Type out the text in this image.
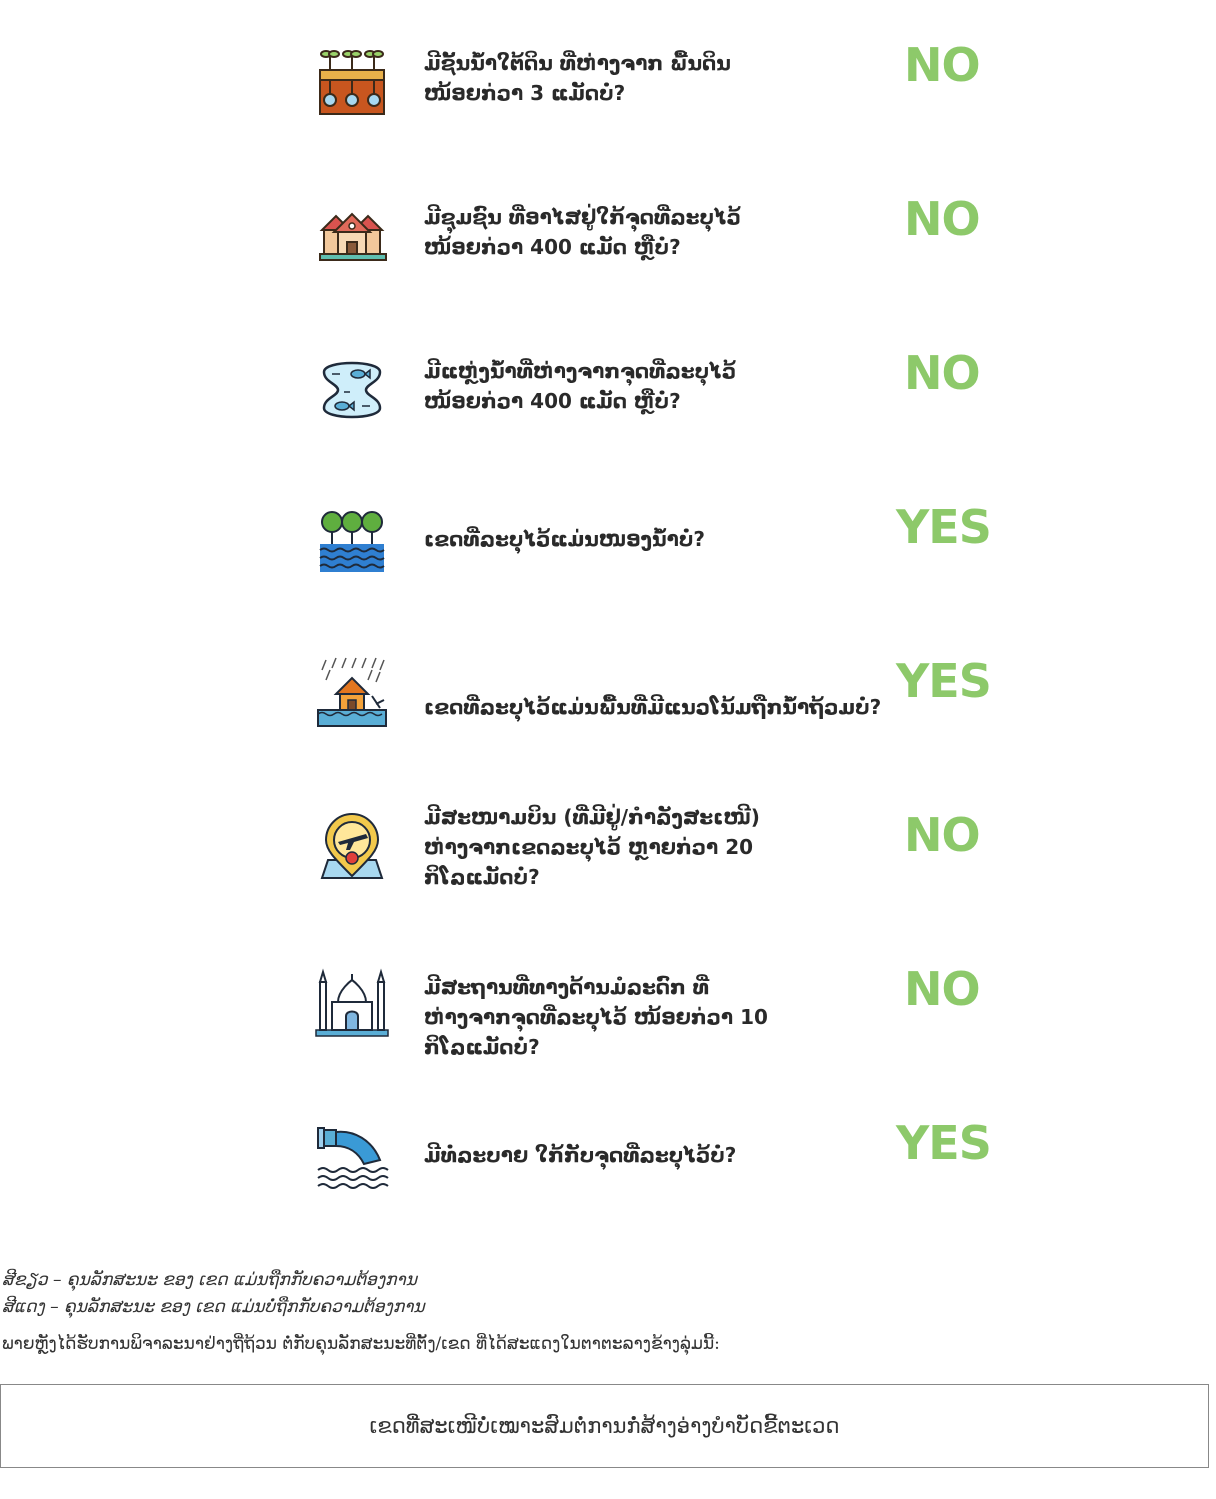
ມີຊັ້ນນ້ຳໃຕ້ດິນ ທີ່ຫ່າງຈາກ ພື້ນດິນ ໜ້ອຍກ່ວາ 3 ແມັດບໍ່?
NO
ມີຊຸມຊົນ ທີ່ອາໄສຢູ່ໃກ້ຈຸດທີ່ລະບຸໄວ້ ໜ້ອຍກ່ວາ 400 ແມັດ ຫຼືບໍ່?
NO
ມີແຫຼ່ງນ້ຳທີ່ຫ່າງຈາກຈຸດທີ່ລະບຸໄວ້ ໜ້ອຍກ່ວາ 400 ແມັດ ຫຼືບໍ່?
NO
ເຂດທີ່ລະບຸໄວ້ແມ່ນໜອງນ້ຳບໍ່?	YES
ເຂດທີ່ລະບຸໄວ້ແມ່ນພື້ນທີ່ມີແນວໂນ້ມຖືກນ້ຳຖ້ວມບໍ່? YES
ມີສະໜາມບິນ (ທີ່ມີຢູ່/ກຳລັງສະເໜີ) ຫ່າງຈາກເຂດລະບຸໄວ້ ຫຼາຍກ່ວາ 20 ກິໂລແມັດບໍ່?
NO
ມີສະຖານທີ່ທາງດ້ານມໍລະດົກ ທີ່ຫ່າງຈາກຈຸດທີ່ລະບຸໄວ້ ໜ້ອຍກ່ວາ 10 ກິໂລແມັດບໍ່?
NO
ມີທໍ່ລະບາຍ ໃກ້ກັບຈຸດທີ່ລະບຸໄວ້ບໍ່?	YES
ສີຂຽວ – ຄຸນລັກສະນະ ຂອງ ເຂດ ແມ່ນຖືກກັບຄວາມຕ້ອງການ
ສີແດງ – ຄຸນລັກສະນະ ຂອງ ເຂດ ແມ່ນບໍ່ຖືກກັບຄວາມຕ້ອງການ
ພາຍຫຼັງໄດ້ຮັບການພິຈາລະນາຢ່າງຖີ່ຖ້ວນ ຕໍ່ກັບຄຸນລັກສະນະທີ່ຕັ້ງ/ເຂດ ທີ່ໄດ້ສະແດງໃນຕາຕະລາງຂ້າງລຸ່ມນີ້:
ເຂດທີ່ສະເໜີບໍ່ເໝາະສົມຕໍ່ການກໍ່ສ້າງອ່າງບຳບັດຂີ້ຕະເວດ
